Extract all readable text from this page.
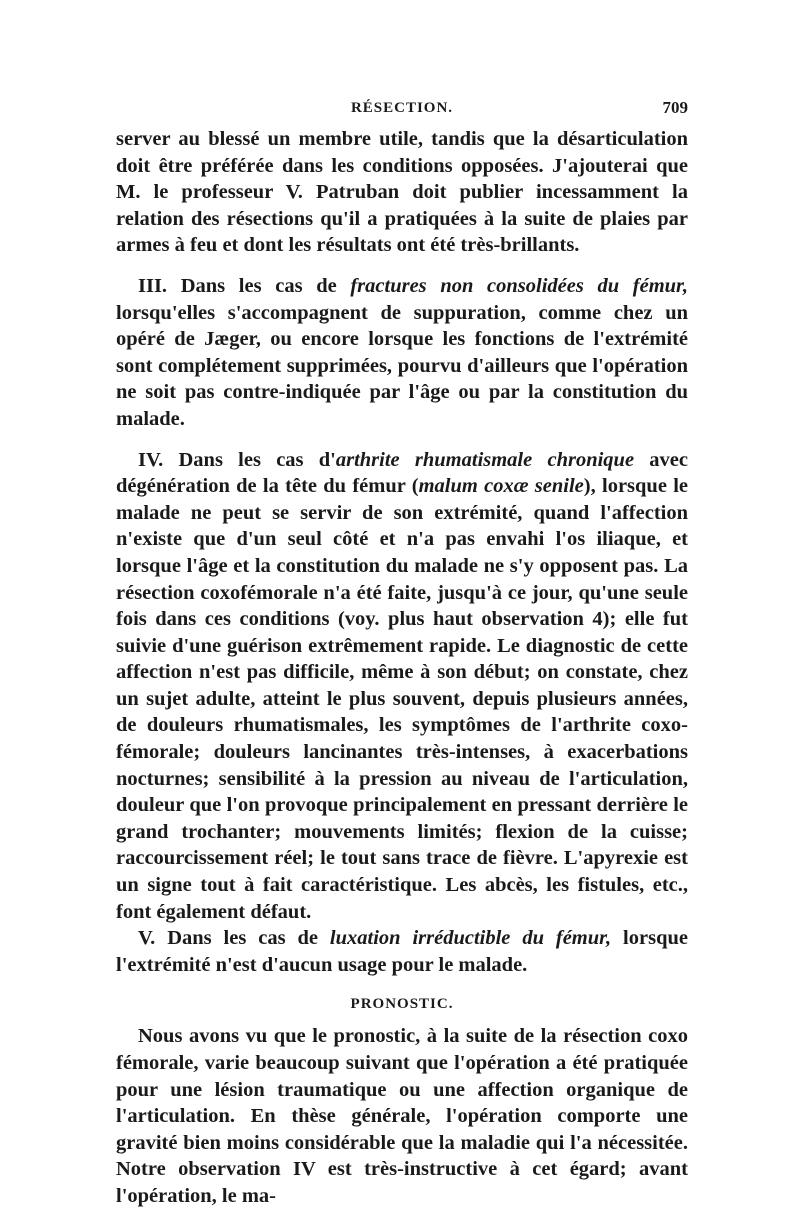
RÉSECTION.	709

server au blessé un membre utile, tandis que la désarticulation doit être préférée dans les conditions opposées. J'ajouterai que M. le professeur V. Patruban doit publier incessamment la relation des résections qu'il a pratiquées à la suite de plaies par armes à feu et dont les résultats ont été très-brillants.

III. Dans les cas de fractures non consolidées du fémur, lorsqu'elles s'accompagnent de suppuration, comme chez un opéré de Jæger, ou encore lorsque les fonctions de l'extrémité sont complétement supprimées, pourvu d'ailleurs que l'opération ne soit pas contre-indiquée par l'âge ou par la constitution du malade.

IV. Dans les cas d'arthrite rhumatismale chronique avec dégénération de la tête du fémur (malum coxæ senile), lorsque le malade ne peut se servir de son extrémité, quand l'affection n'existe que d'un seul côté et n'a pas envahi l'os iliaque, et lorsque l'âge et la constitution du malade ne s'y opposent pas. La résection coxofémorale n'a été faite, jusqu'à ce jour, qu'une seule fois dans ces conditions (voy. plus haut observation 4); elle fut suivie d'une guérison extrêmement rapide. Le diagnostic de cette affection n'est pas difficile, même à son début; on constate, chez un sujet adulte, atteint le plus souvent, depuis plusieurs années, de douleurs rhumatismales, les symptômes de l'arthrite coxo-fémorale; douleurs lancinantes très-intenses, à exacerbations nocturnes; sensibilité à la pression au niveau de l'articulation, douleur que l'on provoque principalement en pressant derrière le grand trochanter; mouvements limités; flexion de la cuisse; raccourcissement réel; le tout sans trace de fièvre. L'apyrexie est un signe tout à fait caractéristique. Les abcès, les fistules, etc., font également défaut.

V. Dans les cas de luxation irréductible du fémur, lorsque l'extrémité n'est d'aucun usage pour le malade.

PRONOSTIC.

Nous avons vu que le pronostic, à la suite de la résection coxo fémorale, varie beaucoup suivant que l'opération a été pratiquée pour une lésion traumatique ou une affection organique de l'articulation. En thèse générale, l'opération comporte une gravité bien moins considérable que la maladie qui l'a nécessitée. Notre observation IV est très-instructive à cet égard; avant l'opération, le ma-
